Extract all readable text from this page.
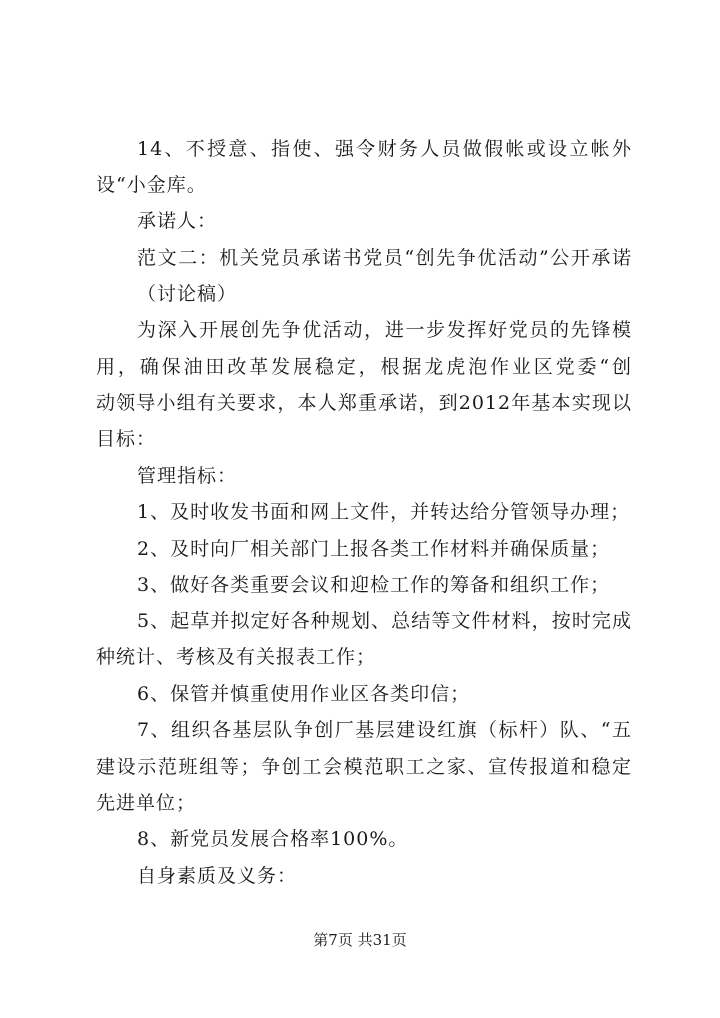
14、不授意、指使、强令财务人员做假帐或设立帐外
设“小金库。
承诺人：
范文二：机关党员承诺书党员“创先争优活动”公开承诺
（讨论稿）
为深入开展创先争优活动，进一步发挥好党员的先锋模
用，确保油田改革发展稳定，根据龙虎泡作业区党委“创
动领导小组有关要求，本人郑重承诺，到2012年基本实现以
目标：
管理指标：
1、及时收发书面和网上文件，并转达给分管领导办理；
2、及时向厂相关部门上报各类工作材料并确保质量；
3、做好各类重要会议和迎检工作的筹备和组织工作；
5、起草并拟定好各种规划、总结等文件材料，按时完成
种统计、考核及有关报表工作；
6、保管并慎重使用作业区各类印信；
7、组织各基层队争创厂基层建设红旗（标杆）队、“五
建设示范班组等；争创工会模范职工之家、宣传报道和稳定
先进单位；
8、新党员发展合格率100%。
自身素质及义务：
第7页 共31页
